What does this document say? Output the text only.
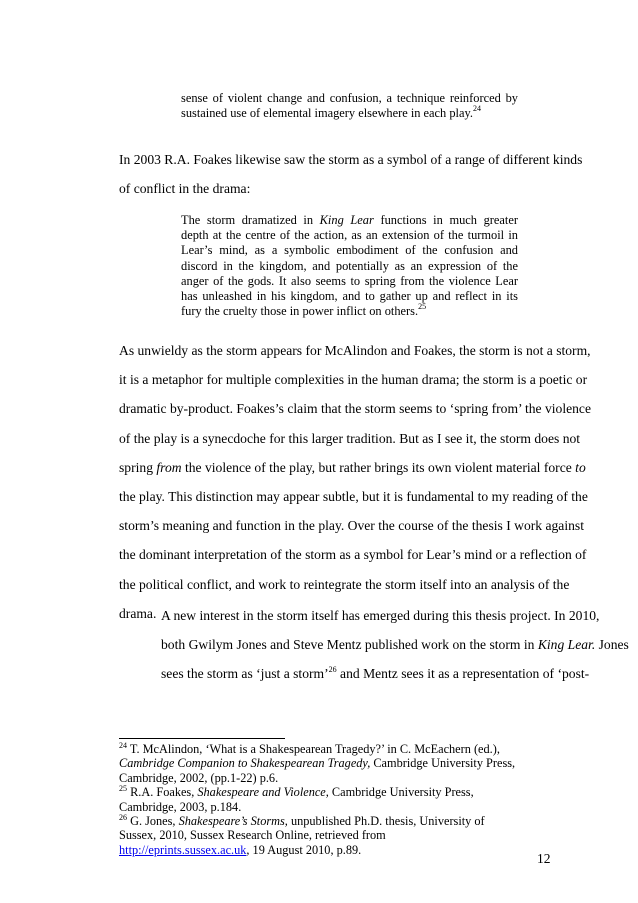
sense of violent change and confusion, a technique reinforced by
sustained use of elemental imagery elsewhere in each play.$^{24}$
In 2003 R.A. Foakes likewise saw the storm as a symbol of a range of different kinds
of conflict in the drama:
The storm dramatized in King Lear functions in much greater
depth at the centre of the action, as an extension of the turmoil in
Lear’s mind, as a symbolic embodiment of the confusion and
discord in the kingdom, and potentially as an expression of the
anger of the gods. It also seems to spring from the violence Lear
has unleashed in his kingdom, and to gather up and reflect in its
fury the cruelty those in power inflict on others.$^{25}$
As unwieldy as the storm appears for McAlindon and Foakes, the storm is not a storm,
it is a metaphor for multiple complexities in the human drama; the storm is a poetic or
dramatic by-product. Foakes’s claim that the storm seems to ‘spring from’ the violence
of the play is a synecdoche for this larger tradition. But as I see it, the storm does not
spring from the violence of the play, but rather brings its own violent material force to
the play. This distinction may appear subtle, but it is fundamental to my reading of the
storm’s meaning and function in the play. Over the course of the thesis I work against
the dominant interpretation of the storm as a symbol for Lear’s mind or a reflection of
the political conflict, and work to reintegrate the storm itself into an analysis of the
drama. A new interest in the storm itself has emerged during this thesis project. In 2010,
both Gwilym Jones and Steve Mentz published work on the storm in King Lear. Jones
sees the storm as ‘just a storm’$^{26}$ and Mentz sees it as a representation of ‘post-
$^{24}$ T. McAlindon, ‘What is a Shakespearean Tragedy?’ in C. McEachern (ed.), Cambridge Companion to Shakespearean Tragedy, Cambridge University Press, Cambridge, 2002, (pp.1-22) p.6.
$^{25}$ R.A. Foakes, Shakespeare and Violence, Cambridge University Press, Cambridge, 2003, p.184.
$^{26}$ G. Jones, Shakespeare’s Storms, unpublished Ph.D. thesis, University of Sussex, 2010, Sussex Research Online, retrieved from http://eprints.sussex.ac.uk, 19 August 2010, p.89.
12
